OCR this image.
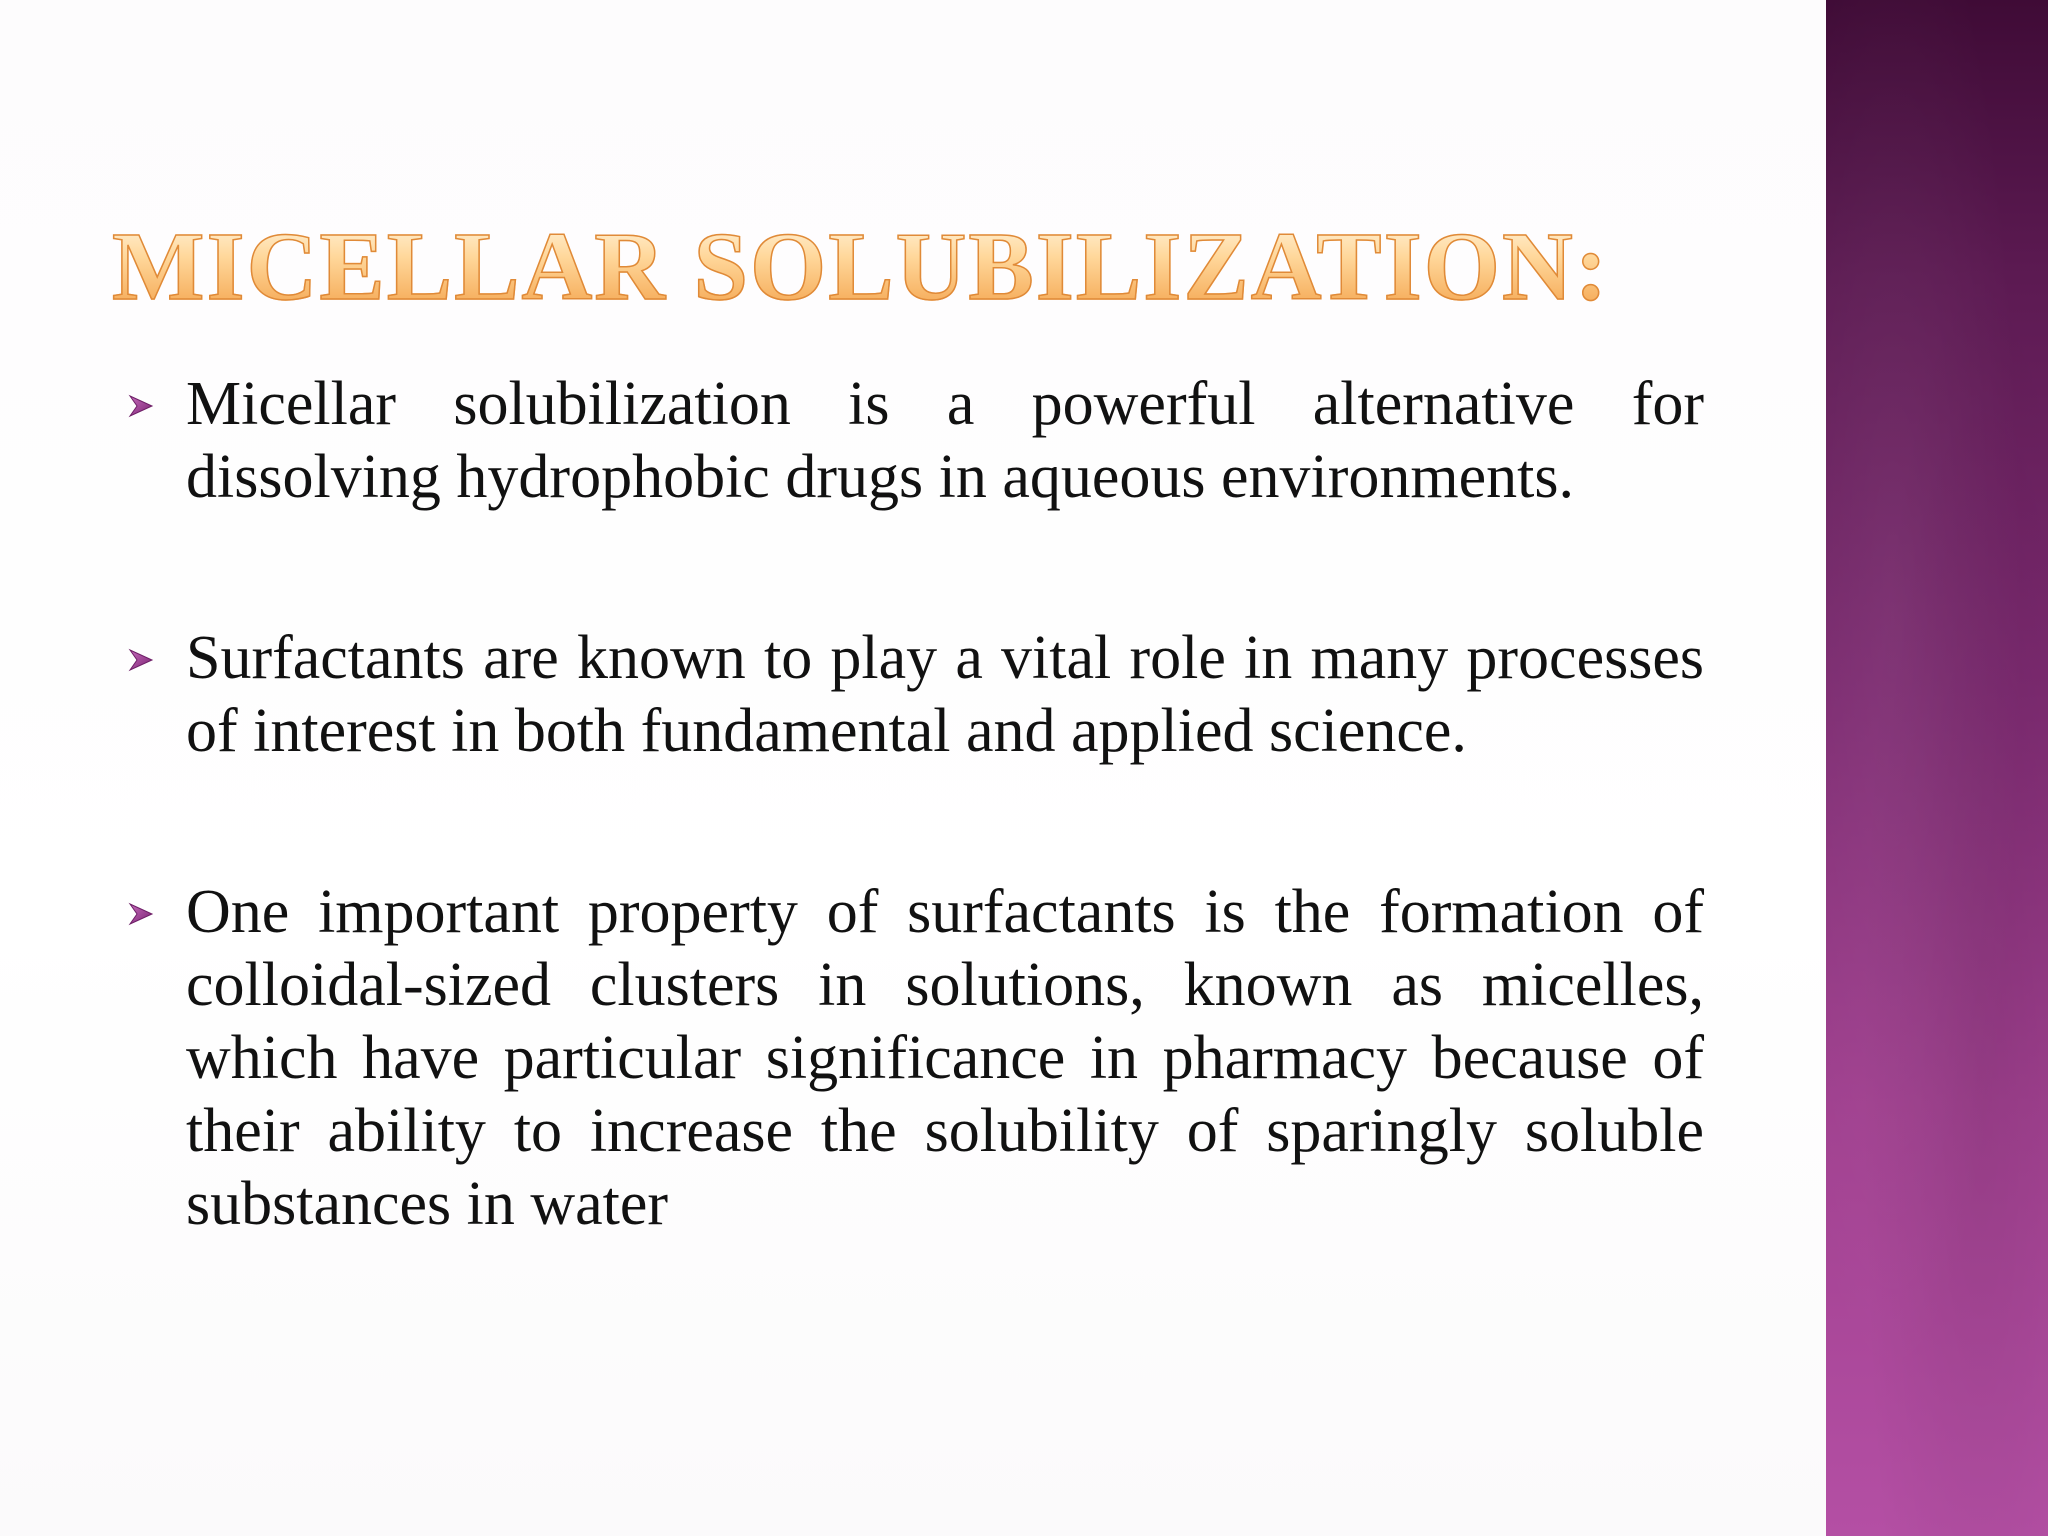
MICELLAR SOLUBILIZATION:
Micellar solubilization is a powerful alternative for dissolving hydrophobic drugs in aqueous environments.
Surfactants are known to play a vital role in many processes of interest in both fundamental and applied science.
One important property of surfactants is the formation of colloidal-sized clusters in solutions, known as micelles, which have particular significance in pharmacy because of their ability to increase the solubility of sparingly soluble substances in water
